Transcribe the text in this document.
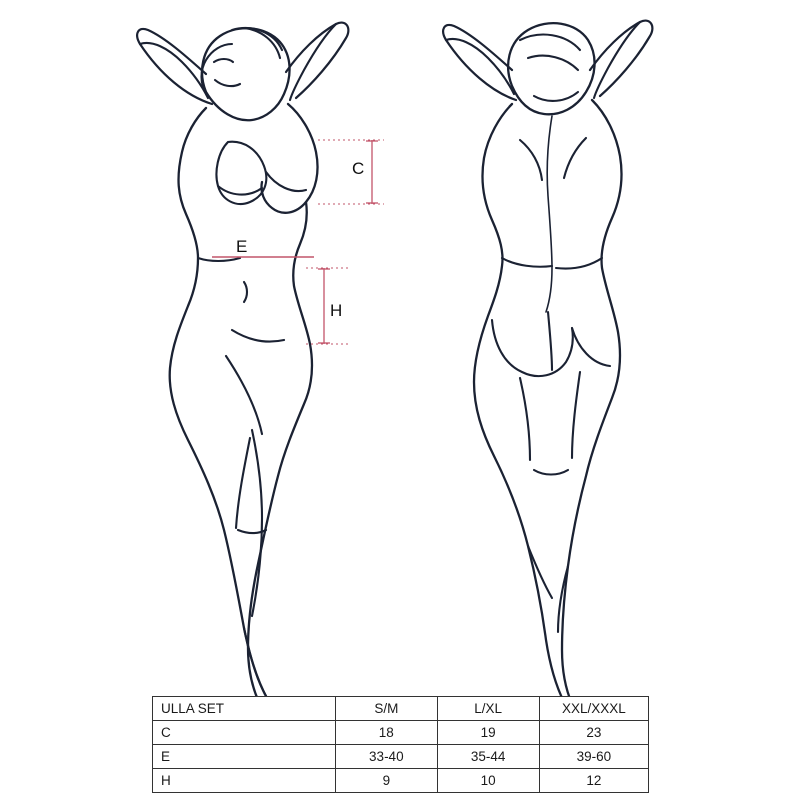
C
E
H
ULLA SET	S/M	L/XL	XXL/XXXL
C	18	19	23
E	33-40	35-44	39-60
H	9	10	12
